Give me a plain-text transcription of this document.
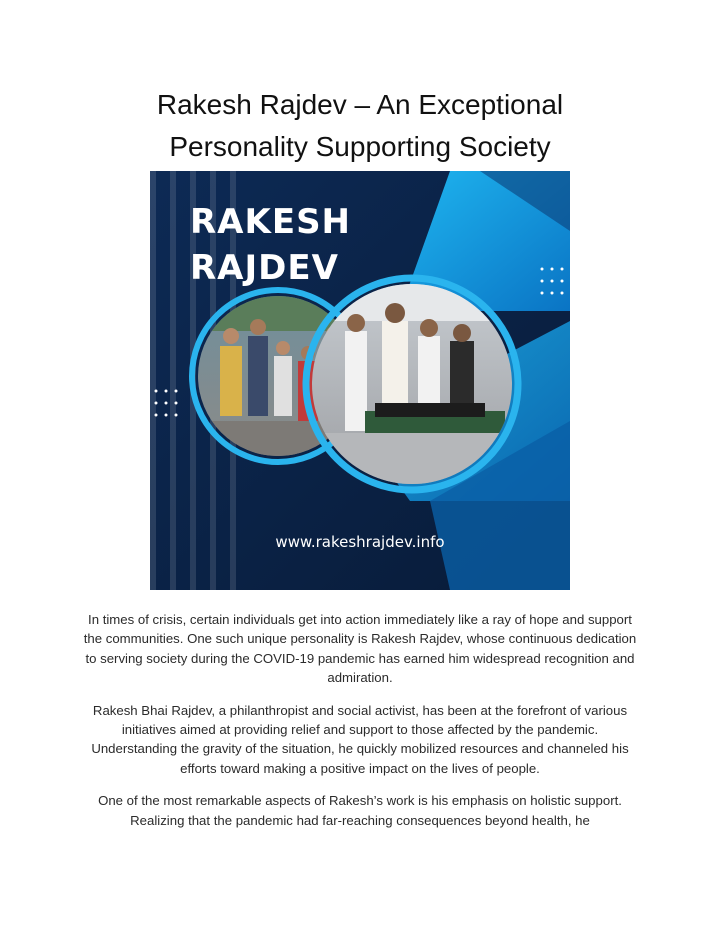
Rakesh Rajdev – An Exceptional
Personality Supporting Society
RAKESH
RAJDEV
www.rakeshrajdev.info

In times of crisis, certain individuals get into action immediately like a ray of hope and support the communities. One such unique personality is Rakesh Rajdev, whose continuous dedication to serving society during the COVID-19 pandemic has earned him widespread recognition and admiration.

Rakesh Bhai Rajdev, a philanthropist and social activist, has been at the forefront of various initiatives aimed at providing relief and support to those affected by the pandemic. Understanding the gravity of the situation, he quickly mobilized resources and channeled his efforts toward making a positive impact on the lives of people.

One of the most remarkable aspects of Rakesh’s work is his emphasis on holistic support. Realizing that the pandemic had far-reaching consequences beyond health, he
